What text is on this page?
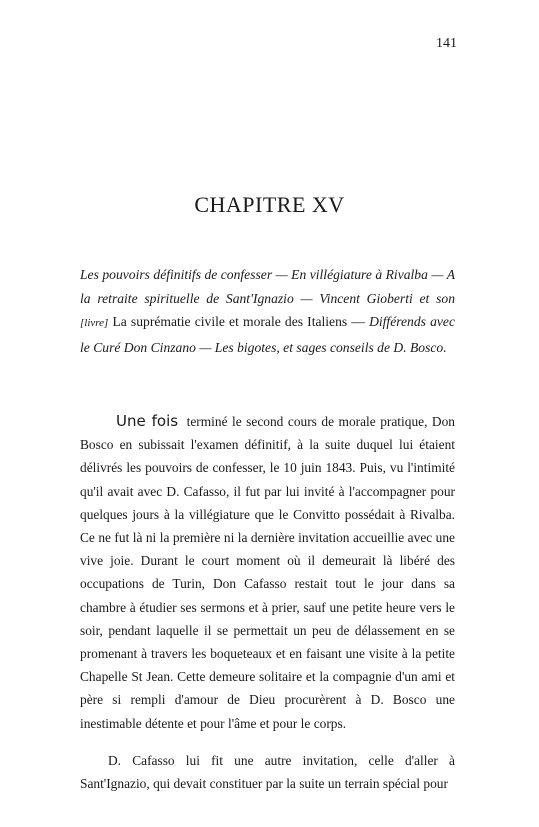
141
CHAPITRE XV

Les pouvoirs définitifs de confesser — En villégiature à Rivalba — A la retraite spirituelle de Sant'Ignazio — Vincent Gioberti et son [livre] La suprématie civile et morale des Italiens — Différends avec le Curé Don Cinzano — Les bigotes, et sages conseils de D. Bosco.

Une fois terminé le second cours de morale pratique, Don Bosco en subissait l'examen définitif, à la suite duquel lui étaient délivrés les pouvoirs de confesser, le 10 juin 1843. Puis, vu l'intimité qu'il avait avec D. Cafasso, il fut par lui invité à l'accompagner pour quelques jours à la villégiature que le Convitto possédait à Rivalba. Ce ne fut là ni la première ni la dernière invitation accueillie avec une vive joie. Durant le court moment où il demeurait là libéré des occupations de Turin, Don Cafasso restait tout le jour dans sa chambre à étudier ses sermons et à prier, sauf une petite heure vers le soir, pendant laquelle il se permettait un peu de délassement en se promenant à travers les boqueteaux et en faisant une visite à la petite Chapelle St Jean. Cette demeure solitaire et la compagnie d'un ami et père si rempli d'amour de Dieu procurèrent à D. Bosco une inestimable détente et pour l'âme et pour le corps.

D. Cafasso lui fit une autre invitation, celle d'aller à Sant'Ignazio, qui devait constituer par la suite un terrain spécial pour
